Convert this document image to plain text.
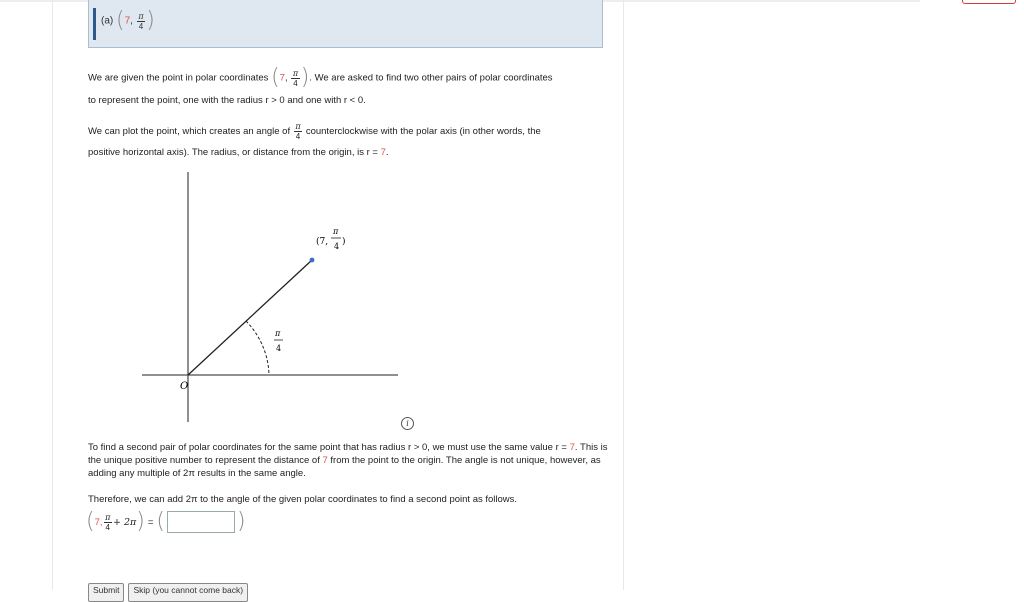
(a) (7, $\frac{\pi}{4}$ )
We are given the point in polar coordinates (7, $\frac{\pi}{4}$ ). We are asked to find two other pairs of polar coordinates
to represent the point, one with the radius r > 0 and one with r < 0.
We can plot the point, which creates an angle of $\frac{\pi}{4}$ counterclockwise with the polar axis (in other words, the
positive horizontal axis). The radius, or distance from the origin, is r = 7.
O
(7,
π
4 )
π
4
i
To find a second pair of polar coordinates for the same point that has radius r > 0, we must use the same value r = 7. This is the unique positive number to represent the distance of 7 from the point to the origin. The angle is not unique, however, as adding any multiple of 2π results in the same angle.
Therefore, we can add 2π to the angle of the given polar coordinates to find a second point as follows.
( 7, $\frac{\pi}{4} + 2\pi$ ) = (	)
Submit	Skip (you cannot come back)
